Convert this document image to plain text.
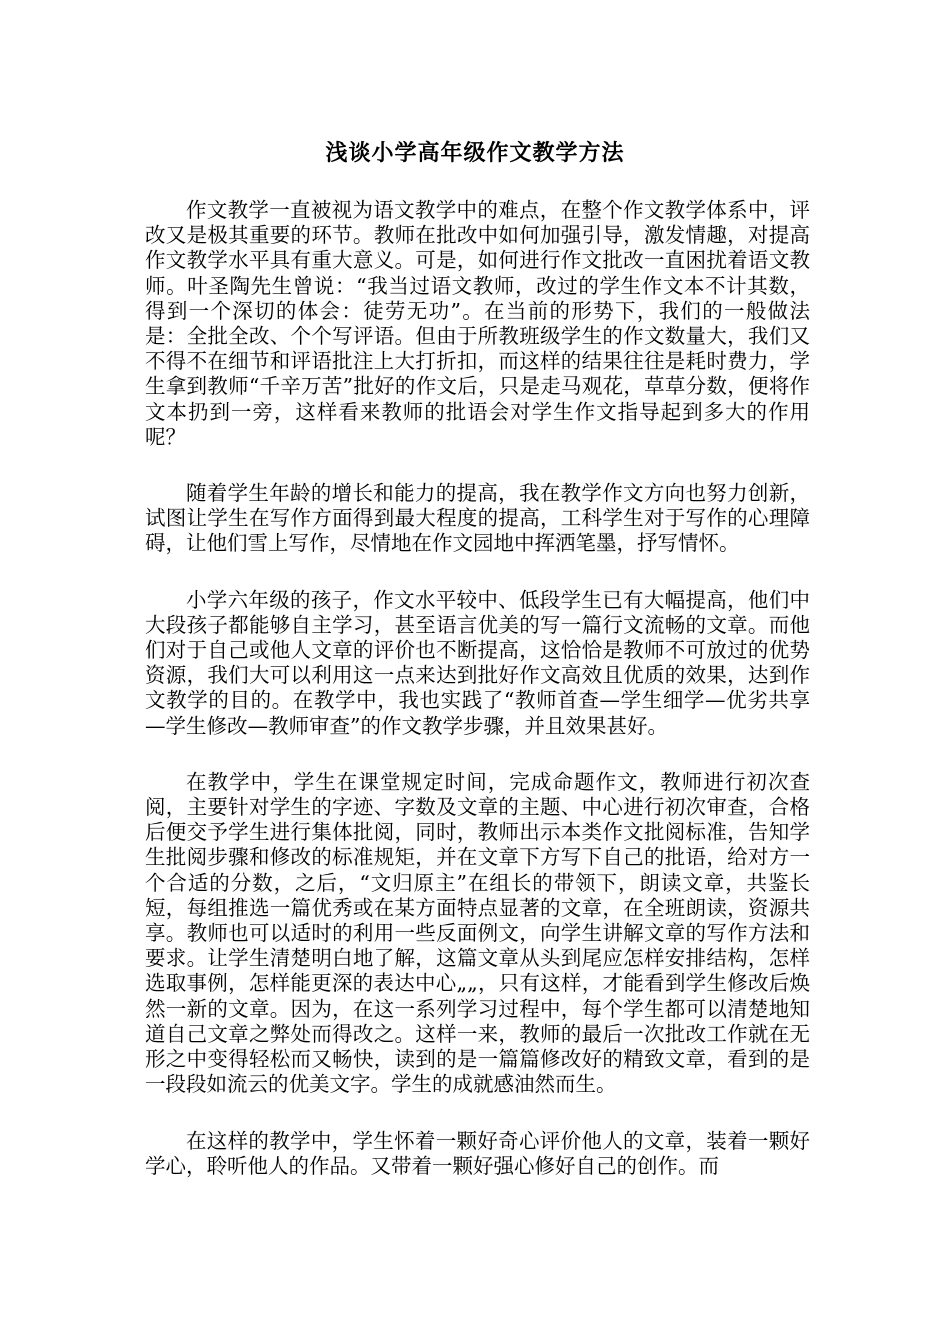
浅谈小学高年级作文教学方法

作文教学一直被视为语文教学中的难点，在整个作文教学体系中，评改又是极其重要的环节。教师在批改中如何加强引导，激发情趣，对提高作文教学水平具有重大意义。可是，如何进行作文批改一直困扰着语文教师。叶圣陶先生曾说：“我当过语文教师，改过的学生作文本不计其数，得到一个深切的体会：徒劳无功”。在当前的形势下，我们的一般做法是：全批全改、个个写评语。但由于所教班级学生的作文数量大，我们又不得不在细节和评语批注上大打折扣，而这样的结果往往是耗时费力，学生拿到教师“千辛万苦”批好的作文后，只是走马观花，草草分数，便将作文本扔到一旁，这样看来教师的批语会对学生作文指导起到多大的作用呢？

随着学生年龄的增长和能力的提高，我在教学作文方向也努力创新，试图让学生在写作方面得到最大程度的提高，工科学生对于写作的心理障碍，让他们雪上写作，尽情地在作文园地中挥洒笔墨，抒写情怀。

小学六年级的孩子，作文水平较中、低段学生已有大幅提高，他们中大段孩子都能够自主学习，甚至语言优美的写一篇行文流畅的文章。而他们对于自己或他人文章的评价也不断提高，这恰恰是教师不可放过的优势资源，我们大可以利用这一点来达到批好作文高效且优质的效果，达到作文教学的目的。在教学中，我也实践了“教师首查—学生细学—优劣共享—学生修改—教师审查”的作文教学步骤，并且效果甚好。

在教学中，学生在课堂规定时间，完成命题作文，教师进行初次查阅，主要针对学生的字迹、字数及文章的主题、中心进行初次审查，合格后便交予学生进行集体批阅，同时，教师出示本类作文批阅标准，告知学生批阅步骤和修改的标准规矩，并在文章下方写下自己的批语，给对方一个合适的分数，之后，“文归原主”在组长的带领下，朗读文章，共鉴长短，每组推选一篇优秀或在某方面特点显著的文章，在全班朗读，资源共享。教师也可以适时的利用一些反面例文，向学生讲解文章的写作方法和要求。让学生清楚明白地了解，这篇文章从头到尾应怎样安排结构，怎样选取事例，怎样能更深的表达中心„„，只有这样，才能看到学生修改后焕然一新的文章。因为，在这一系列学习过程中，每个学生都可以清楚地知道自己文章之弊处而得改之。这样一来，教师的最后一次批改工作就在无形之中变得轻松而又畅快，读到的是一篇篇修改好的精致文章，看到的是一段段如流云的优美文字。学生的成就感油然而生。

在这样的教学中，学生怀着一颗好奇心评价他人的文章，装着一颗好学心，聆听他人的作品。又带着一颗好强心修好自己的创作。而
